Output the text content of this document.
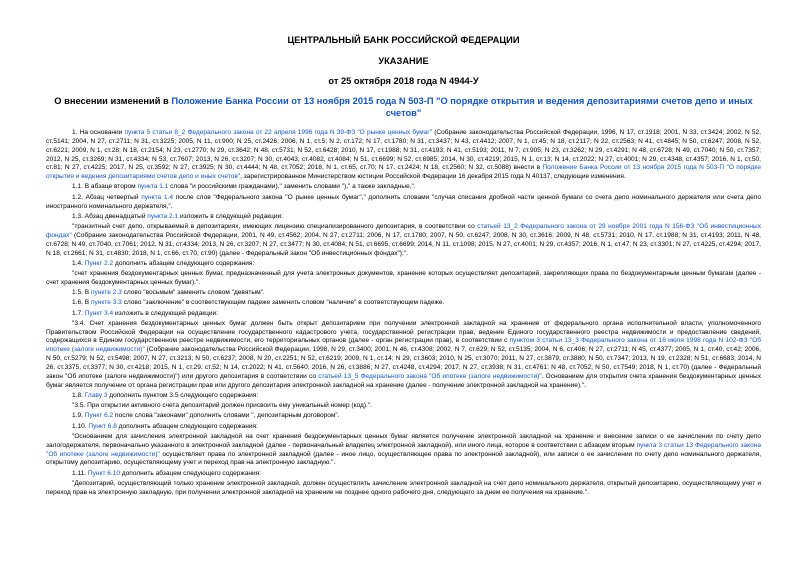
ЦЕНТРАЛЬНЫЙ БАНК РОССИЙСКОЙ ФЕДЕРАЦИИ
УКАЗАНИЕ
от 25 октября 2018 года N 4944-У
О внесении изменений в Положение Банка России от 13 ноября 2015 года N 503-П "О порядке открытия и ведения депозитариями счетов депо и иных счетов"

1. На основании пункта 5 статьи 8_2 Федерального закона от 22 апреля 1996 года N 39-ФЗ "О рынке ценных бумаг" (Собрание законодательства Российской Федерации, 1996, N 17, ст.1918; 2001, N 33, ст.3424; 2002, N 52, ст.5141; 2004, N 27, ст.2711; N 31, ст.3225; 2005, N 11, ст.900; N 25, ст.2426; 2006, N 1, ст.5; N 2, ст.172; N 17, ст.1780; N 31, ст.3437; N 43, ст.4412; 2007, N 1, ст.45; N 18, ст.2117; N 22, ст.2563; N 41, ст.4845; N 50, ст.6247; 2008, N 52, ст.6221; 2009, N 1, ст.28; N 18, ст.2154; N 23, ст.2770; N 29, ст.3642; N 48, ст.5731; N 52, ст.6428; 2010, N 17, ст.1988; N 31, ст.4193; N 41, ст.5193; 2011, N 7, ст.905; N 23, ст.3262; N 29, ст.4291; N 48, ст.6728; N 49, ст.7040; N 50, ст.7357; 2012, N 25, ст.3269; N 31, ст.4334; N 53, ст.7607; 2013, N 26, ст.3207; N 30, ст.4043, ст.4082, ст.4084; N 51, ст.6699; N 52, ст.6985; 2014, N 30, ст.4219; 2015, N 1, ст.13; N 14, ст.2022; N 27, ст.4001; N 29, ст.4348, ст.4357; 2016, N 1, ст.50, ст.81; N 27, ст.4225; 2017, N 25, ст.3592; N 27, ст.3925; N 30, ст.4444; N 48, ст.7052; 2018, N 1, ст.65, ст.70; N 17, ст.2424; N 18, ст.2560; N 32, ст.5088) внести в Положение Банка России от 13 ноября 2015 года N 503-П "О порядке открытия и ведения депозитариями счетов депо и иных счетов", зарегистрированное Министерством юстиции Российской Федерации 16 декабря 2015 года N 40137, следующие изменения.

1.1. В абзаце втором пункта 1.1 слова "и российскими гражданами)," заменить словами ")," а также закладные,".

1.2. Абзац четвертый пункта 1.4 после слов "Федерального закона "О рынке ценных бумаг"," дополнить словами "случая списания дробной части ценной бумаги со счета депо номинального держателя или счета депо иностранного номинального держателя,".

1.3. Абзац двенадцатый пункта 2.1 изложить в следующей редакции:

"транзитный счет депо, открываемый в депозитариях, имеющих лицензию специализированного депозитария, в соответствии со статьей 13_2 Федерального закона от 29 ноября 2001 года N 156-ФЗ "Об инвестиционных фондах" (Собрание законодательства Российской Федерации, 2001, N 49, ст.4562; 2004, N 27, ст.2711; 2006, N 17, ст.1780; 2007, N 50, ст.6247; 2008, N 30, ст.3616; 2009, N 48, ст.5731; 2010, N 17, ст.1988; N 31, ст.4193; 2011, N 48, ст.6728; N 49, ст.7040, ст.7061; 2012, N 31, ст.4334; 2013, N 26, ст.3207; N 27, ст.3477; N 30, ст.4084; N 51, ст.6695, ст.6699; 2014, N 11, ст.1098; 2015, N 27, ст.4001; N 29, ст.4357; 2016, N 1, ст.47; N 23, ст.3301; N 27, ст.4225, ст.4294; 2017, N 18, ст.2661; N 31, ст.4830; 2018, N 1, ст.66, ст.70, ст.90) (далее - Федеральный закон "Об инвестиционных фондах");".

1.4. Пункт 2.2 дополнить абзацем следующего содержания:

"счет хранения бездокументарных ценных бумаг, предназначенный для учета электронных документов, хранение которых осуществляет депозитарий, закрепляющих права по бездокументарным ценным бумагам (далее - счет хранения бездокументарных ценных бумаг).".

1.5. В пункте 2.3 слово "восьмым" заменить словом "девятым".

1.6. В пункте 3.3 слово "заключение" в соответствующем падеже заменить словом "наличие" в соответствующем падеже.

1.7. Пункт 3.4 изложить в следующей редакции:

"3.4. Счет хранения бездокументарных ценных бумаг должен быть открыт депозитарием при получении электронной закладной на хранение от федерального органа исполнительной власти, уполномоченного Правительством Российской Федерации на осуществление государственного кадастрового учета, государственной регистрации прав, ведение Единого государственного реестра недвижимости и предоставление сведений, содержащихся в Едином государственном реестре недвижимости, его территориальных органов (далее - орган регистрации прав), в соответствии с пунктом 3 статьи 13_3 Федерального закона от 16 июля 1998 года N 102-ФЗ "Об ипотеке (залоге недвижимости)" (Собрание законодательства Российской Федерации, 1998, N 29, ст.3400; 2001, N 46, ст.4308; 2002, N 7, ст.629; N 52, ст.5135; 2004, N 6, ст.406; N 27, ст.2711; N 45, ст.4377; 2005, N 1, ст.40, ст.42; 2006, N 50, ст.5279; N 52, ст.5498; 2007, N 27, ст.3213; N 50, ст.6237; 2008, N 20, ст.2251; N 52, ст.6219; 2009, N 1, ст.14; N 29, ст.3603; 2010, N 25, ст.3070; 2011, N 27, ст.3879, ст.3880; N 50, ст.7347; 2013, N 19, ст.2328; N 51, ст.6683; 2014, N 26, ст.3375, ст.3377; N 30, ст.4218; 2015, N 1, ст.29, ст.52; N 14, ст.2022; N 41, ст.5640; 2016, N 26, ст.3886; N 27, ст.4248, ст.4294; 2017, N 27, ст.3938; N 31, ст.4761; N 48, ст.7052; N 50, ст.7549; 2018, N 1, ст.70) (далее - Федеральный закон "Об ипотеке (залоге недвижимости)") или другого депозитария в соответствии со статьей 13_5 Федерального закона "Об ипотеке (залоге недвижимости)". Основанием для открытия счета хранения бездокументарных ценных бумаг является получение от органа регистрации прав или другого депозитария электронной закладной на хранение (далее - получение электронной закладной на хранение).".

1.8. Главу 3 дополнить пунктом 3.5 следующего содержания:

"3.5. При открытии активного счета депозитарий должен присвоить ему уникальный номер (код).".

1.9. Пункт 6.2 после слова "законами" дополнить словами ", депозитарным договором".

1.10. Пункт 6.8 дополнить абзацем следующего содержания:

"Основанием для зачисления электронной закладной на счет хранения бездокументарных ценных бумаг является получение электронной закладной на хранение и внесение записи о ее зачислении по счету депо залогодержателя, первоначально указанного в электронной закладной (далее - первоначальный владелец электронной закладной), или иного лица, которое в соответствии с абзацем вторым пункта 3 статьи 13 Федерального закона "Об ипотеке (залоге недвижимости)" осуществляет права по электронной закладной (далее - иное лицо, осуществляющее права по электронной закладной), или записи о ее зачислении по счету депо номинального держателя, открытому депозитарию, осуществляющему учет и переход прав на электронную закладную.".

1.11. Пункт 6.10 дополнить абзацем следующего содержания:

"Депозитарий, осуществляющий только хранение электронной закладной, должен осуществлять зачисление электронной закладной на счет депо номинального держателя, открытый депозитарию, осуществляющему учет и переход прав на электронную закладную, при получении электронной закладной на хранение не позднее одного рабочего дня, следующего за днем ее получения на хранение.".
